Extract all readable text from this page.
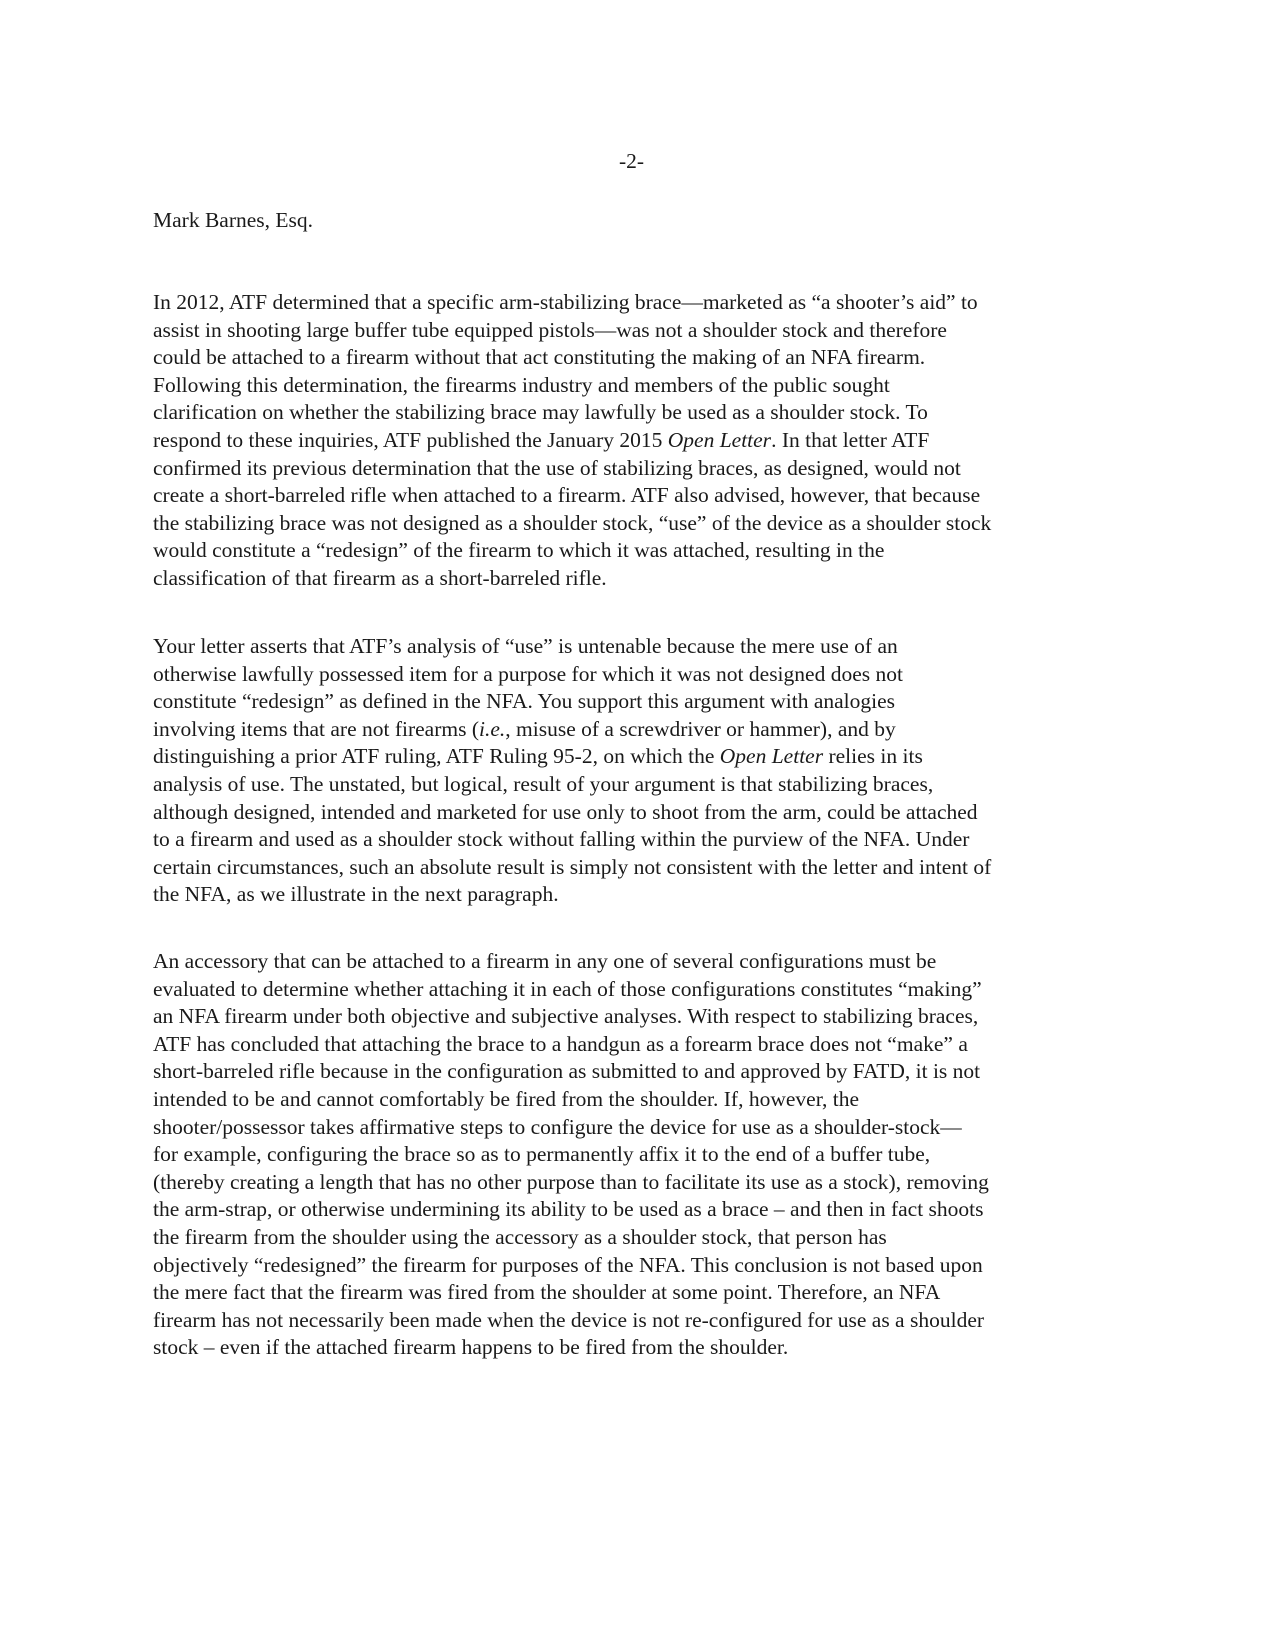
-2-
Mark Barnes, Esq.
In 2012, ATF determined that a specific arm-stabilizing brace—marketed as “a shooter’s aid” to
assist in shooting large buffer tube equipped pistols—was not a shoulder stock and therefore
could be attached to a firearm without that act constituting the making of an NFA firearm.
Following this determination, the firearms industry and members of the public sought
clarification on whether the stabilizing brace may lawfully be used as a shoulder stock. To
respond to these inquiries, ATF published the January 2015 Open Letter. In that letter ATF
confirmed its previous determination that the use of stabilizing braces, as designed, would not
create a short-barreled rifle when attached to a firearm. ATF also advised, however, that because
the stabilizing brace was not designed as a shoulder stock, “use” of the device as a shoulder stock
would constitute a “redesign” of the firearm to which it was attached, resulting in the
classification of that firearm as a short-barreled rifle.
Your letter asserts that ATF’s analysis of “use” is untenable because the mere use of an
otherwise lawfully possessed item for a purpose for which it was not designed does not
constitute “redesign” as defined in the NFA. You support this argument with analogies
involving items that are not firearms (i.e., misuse of a screwdriver or hammer), and by
distinguishing a prior ATF ruling, ATF Ruling 95-2, on which the Open Letter relies in its
analysis of use. The unstated, but logical, result of your argument is that stabilizing braces,
although designed, intended and marketed for use only to shoot from the arm, could be attached
to a firearm and used as a shoulder stock without falling within the purview of the NFA. Under
certain circumstances, such an absolute result is simply not consistent with the letter and intent of
the NFA, as we illustrate in the next paragraph.
An accessory that can be attached to a firearm in any one of several configurations must be
evaluated to determine whether attaching it in each of those configurations constitutes “making”
an NFA firearm under both objective and subjective analyses. With respect to stabilizing braces,
ATF has concluded that attaching the brace to a handgun as a forearm brace does not “make” a
short-barreled rifle because in the configuration as submitted to and approved by FATD, it is not
intended to be and cannot comfortably be fired from the shoulder. If, however, the
shooter/possessor takes affirmative steps to configure the device for use as a shoulder-stock—
for example, configuring the brace so as to permanently affix it to the end of a buffer tube,
(thereby creating a length that has no other purpose than to facilitate its use as a stock), removing
the arm-strap, or otherwise undermining its ability to be used as a brace – and then in fact shoots
the firearm from the shoulder using the accessory as a shoulder stock, that person has
objectively “redesigned” the firearm for purposes of the NFA. This conclusion is not based upon
the mere fact that the firearm was fired from the shoulder at some point. Therefore, an NFA
firearm has not necessarily been made when the device is not re-configured for use as a shoulder
stock – even if the attached firearm happens to be fired from the shoulder.
